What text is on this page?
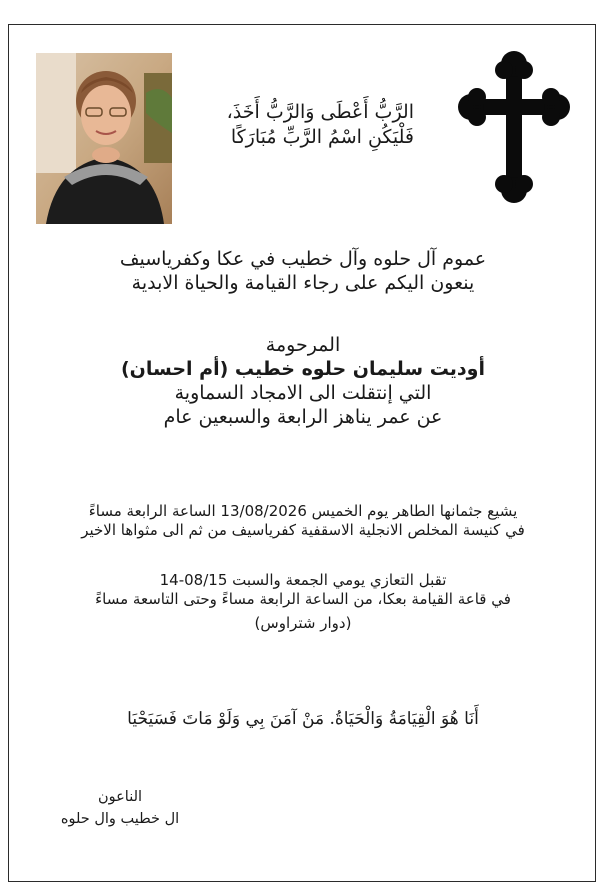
الرَّبُّ أَعْطَى وَالرَّبُّ أَخَذَ،
فَلْيَكُنِ اسْمُ الرَّبِّ مُبَارَكًا
عموم آل حلوه وآل خطيب في عكا وكفرياسيف
ينعون اليكم على رجاء القيامة والحياة الابدية
المرحومة
أوديت سليمان حلوه خطيب (أم احسان)
التي إنتقلت الى الامجاد السماوية
عن عمر يناهز الرابعة والسبعين عام
يشيع جثمانها الطاهر يوم الخميس 13/08/2026 الساعة الرابعة مساءً
في كنيسة المخلص الانجلية الاسقفية كفرياسيف من ثم الى مثواها الاخير
تقبل التعازي يومي الجمعة والسبت 08/15-14
في قاعة القيامة بعكا، من الساعة الرابعة مساءً وحتى التاسعة مساءً
(دوار شتراوس)
أَنَا هُوَ الْقِيَامَةُ وَالْحَيَاةُ. مَنْ آمَنَ بِي وَلَوْ مَاتَ فَسَيَحْيَا
الناعون
ال خطيب وال حلوه
